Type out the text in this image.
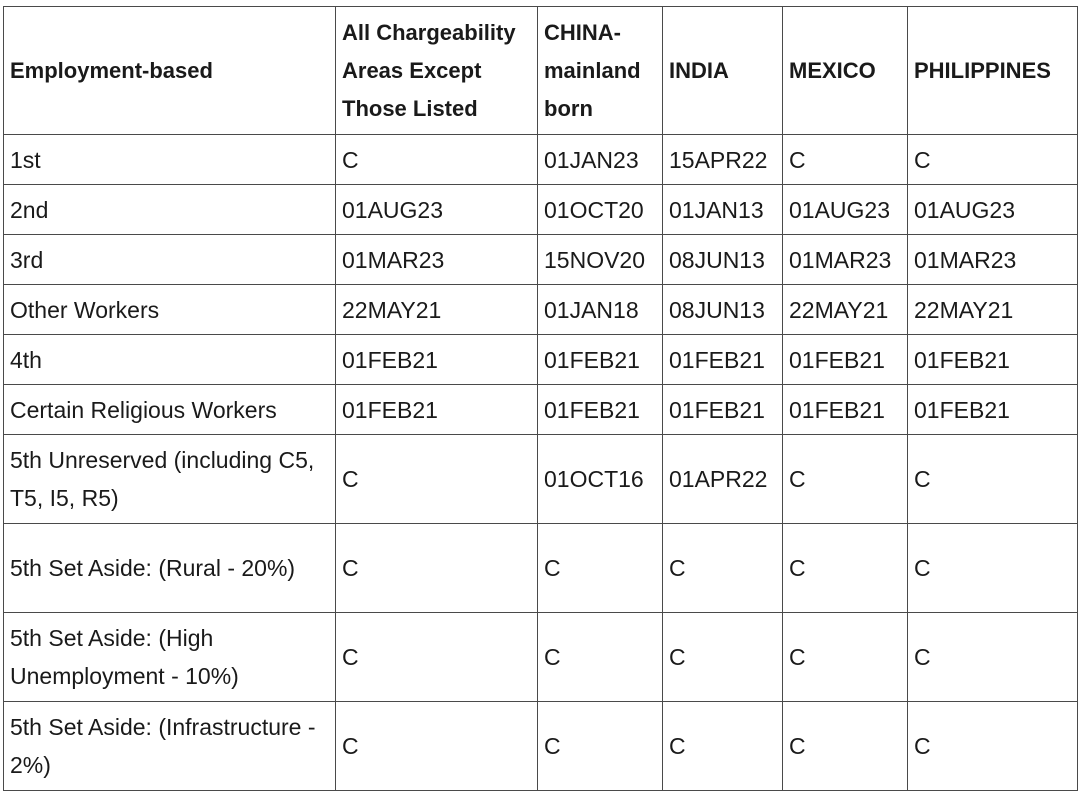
Employment-based	All Chargeability Areas Except Those Listed	CHINA-mainland born	INDIA	MEXICO	PHILIPPINES
1st	C	01JAN23	15APR22	C	C
2nd	01AUG23	01OCT20	01JAN13	01AUG23	01AUG23
3rd	01MAR23	15NOV20	08JUN13	01MAR23	01MAR23
Other Workers	22MAY21	01JAN18	08JUN13	22MAY21	22MAY21
4th	01FEB21	01FEB21	01FEB21	01FEB21	01FEB21
Certain Religious Workers	01FEB21	01FEB21	01FEB21	01FEB21	01FEB21
5th Unreserved (including C5, T5, I5, R5)	C	01OCT16	01APR22	C	C
5th Set Aside: (Rural - 20%)	C	C	C	C	C
5th Set Aside: (High Unemployment - 10%)	C	C	C	C	C
5th Set Aside: (Infrastructure - 2%)	C	C	C	C	C
